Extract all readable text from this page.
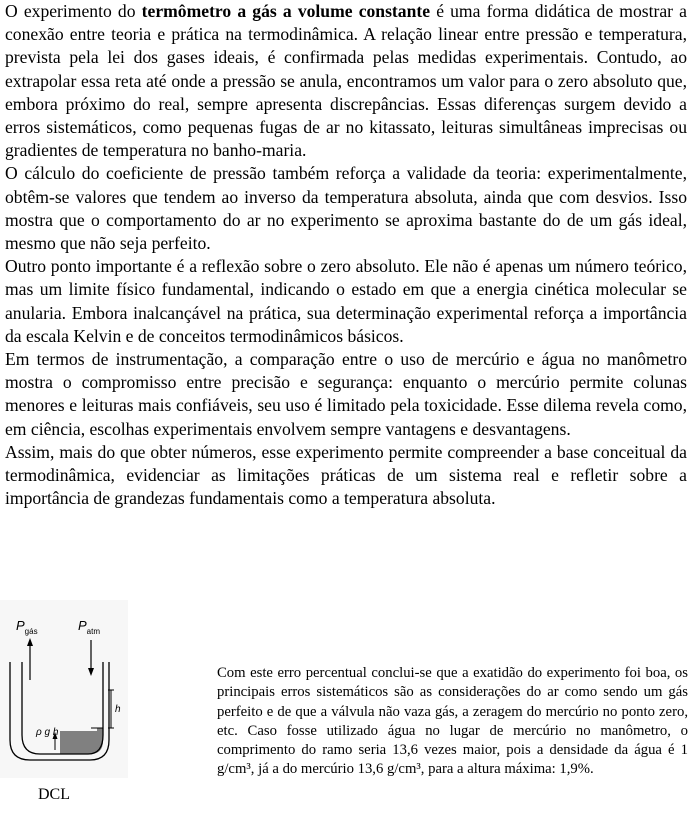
O experimento do termômetro a gás a volume constante é uma forma didática de mostrar a conexão entre teoria e prática na termodinâmica. A relação linear entre pressão e temperatura, prevista pela lei dos gases ideais, é confirmada pelas medidas experimentais. Contudo, ao extrapolar essa reta até onde a pressão se anula, encontramos um valor para o zero absoluto que, embora próximo do real, sempre apresenta discrepâncias. Essas diferenças surgem devido a erros sistemáticos, como pequenas fugas de ar no kitassato, leituras simultâneas imprecisas ou gradientes de temperatura no banho-maria.

O cálculo do coeficiente de pressão também reforça a validade da teoria: experimentalmente, obtêm-se valores que tendem ao inverso da temperatura absoluta, ainda que com desvios. Isso mostra que o comportamento do ar no experimento se aproxima bastante do de um gás ideal, mesmo que não seja perfeito.

Outro ponto importante é a reflexão sobre o zero absoluto. Ele não é apenas um número teórico, mas um limite físico fundamental, indicando o estado em que a energia cinética molecular se anularia. Embora inalcançável na prática, sua determinação experimental reforça a importância da escala Kelvin e de conceitos termodinâmicos básicos.

Em termos de instrumentação, a comparação entre o uso de mercúrio e água no manômetro mostra o compromisso entre precisão e segurança: enquanto o mercúrio permite colunas menores e leituras mais confiáveis, seu uso é limitado pela toxicidade. Esse dilema revela como, em ciência, escolhas experimentais envolvem sempre vantagens e desvantagens.

Assim, mais do que obter números, esse experimento permite compreender a base conceitual da termodinâmica, evidenciar as limitações práticas de um sistema real e refletir sobre a importância de grandezas fundamentais como a temperatura absoluta.

$P_{gás}$	$P_{atm}$
h
ρ g h
DCL

Com este erro percentual conclui-se que a exatidão do experimento foi boa, os principais erros sistemáticos são as considerações do ar como sendo um gás perfeito e de que a válvula não vaza gás, a zeragem do mercúrio no ponto zero, etc. Caso fosse utilizado água no lugar de mercúrio no manômetro, o comprimento do ramo seria 13,6 vezes maior, pois a densidade da água é 1 g/cm³, já a do mercúrio 13,6 g/cm³, para a altura máxima: 1,9%.
